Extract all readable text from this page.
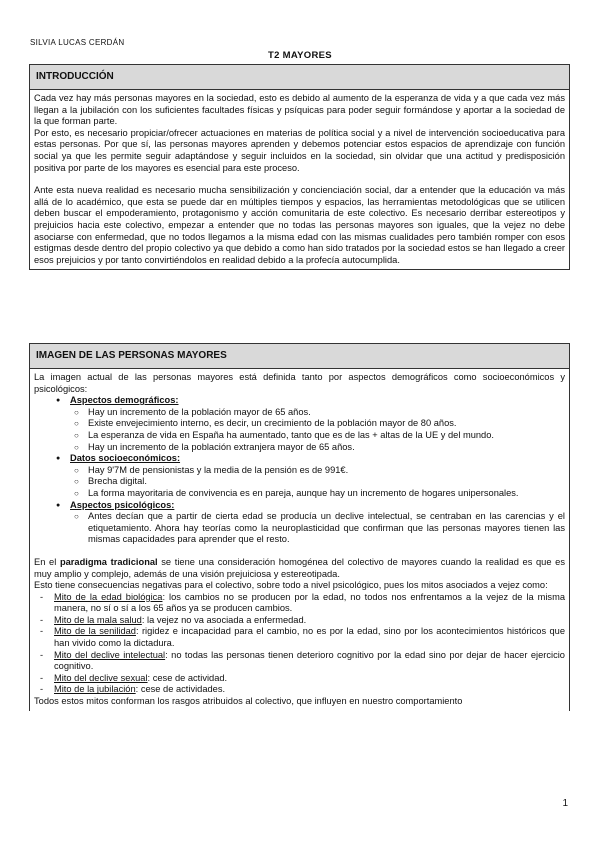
SILVIA LUCAS CERDÁN
T2 MAYORES
INTRODUCCIÓN

Cada vez hay más personas mayores en la sociedad, esto es debido al aumento de la esperanza de vida y a que cada vez más llegan a la jubilación con los suficientes facultades físicas y psíquicas para poder seguir formándose y aportar a la sociedad de la que forman parte.

Por esto, es necesario propiciar/ofrecer actuaciones en materias de política social y a nivel de intervención socioeducativa para estas personas. Por que sí, las personas mayores aprenden y debemos potenciar estos espacios de aprendizaje con función social ya que les permite seguir adaptándose y seguir incluidos en la sociedad, sin olvidar que una actitud y predisposición positiva por parte de los mayores es esencial para este proceso.

Ante esta nueva realidad es necesario mucha sensibilización y concienciación social, dar a entender que la educación va más allá de lo académico, que esta se puede dar en múltiples tiempos y espacios, las herramientas metodológicas que se utilicen deben buscar el empoderamiento, protagonismo y acción comunitaria de este colectivo. Es necesario derribar estereotipos y prejuicios hacia este colectivo, empezar a entender que no todas las personas mayores son iguales, que la vejez no debe asociarse con enfermedad, que no todos llegamos a la misma edad con las mismas cualidades pero también romper con esos estigmas desde dentro del propio colectivo ya que debido a como han sido tratados por la sociedad estos se han llegado a creer esos prejuicios y por tanto convirtiéndolos en realidad debido a la profecía autocumplida.

IMAGEN DE LAS PERSONAS MAYORES

La imagen actual de las personas mayores está definida tanto por aspectos demográficos como socioeconómicos y psicológicos:

● Aspectos demográficos:
○ Hay un incremento de la población mayor de 65 años.
○ Existe envejecimiento interno, es decir, un crecimiento de la población mayor de 80 años.
○ La esperanza de vida en España ha aumentado, tanto que es de las + altas de la UE y del mundo.
○ Hay un incremento de la población extranjera mayor de 65 años.
● Datos socioeconómicos:
○ Hay 9'7M de pensionistas y la media de la pensión es de 991€.
○ Brecha digital.
○ La forma mayoritaria de convivencia es en pareja, aunque hay un incremento de hogares unipersonales.
● Aspectos psicológicos:
○ Antes decían que a partir de cierta edad se producía un declive intelectual, se centraban en las carencias y el etiquetamiento. Ahora hay teorías como la neuroplasticidad que confirman que las personas mayores tienen las mismas capacidades para aprender que el resto.

En el paradigma tradicional se tiene una consideración homogénea del colectivo de mayores cuando la realidad es que es muy amplio y complejo, además de una visión prejuiciosa y estereotipada.

Esto tiene consecuencias negativas para el colectivo, sobre todo a nivel psicológico, pues los mitos asociados a vejez como:

- Mito de la edad biológica: los cambios no se producen por la edad, no todos nos enfrentamos a la vejez de la misma manera, no sí o sí a los 65 años ya se producen cambios.
- Mito de la mala salud: la vejez no va asociada a enfermedad.
- Mito de la senilidad: rigidez e incapacidad para el cambio, no es por la edad, sino por los acontecimientos históricos que han vivido como la dictadura.
- Mito del declive intelectual: no todas las personas tienen deterioro cognitivo por la edad sino por dejar de hacer ejercicio cognitivo.
- Mito del declive sexual: cese de actividad.
- Mito de la jubilación: cese de actividades.

Todos estos mitos conforman los rasgos atribuidos al colectivo, que influyen en nuestro comportamiento

1
